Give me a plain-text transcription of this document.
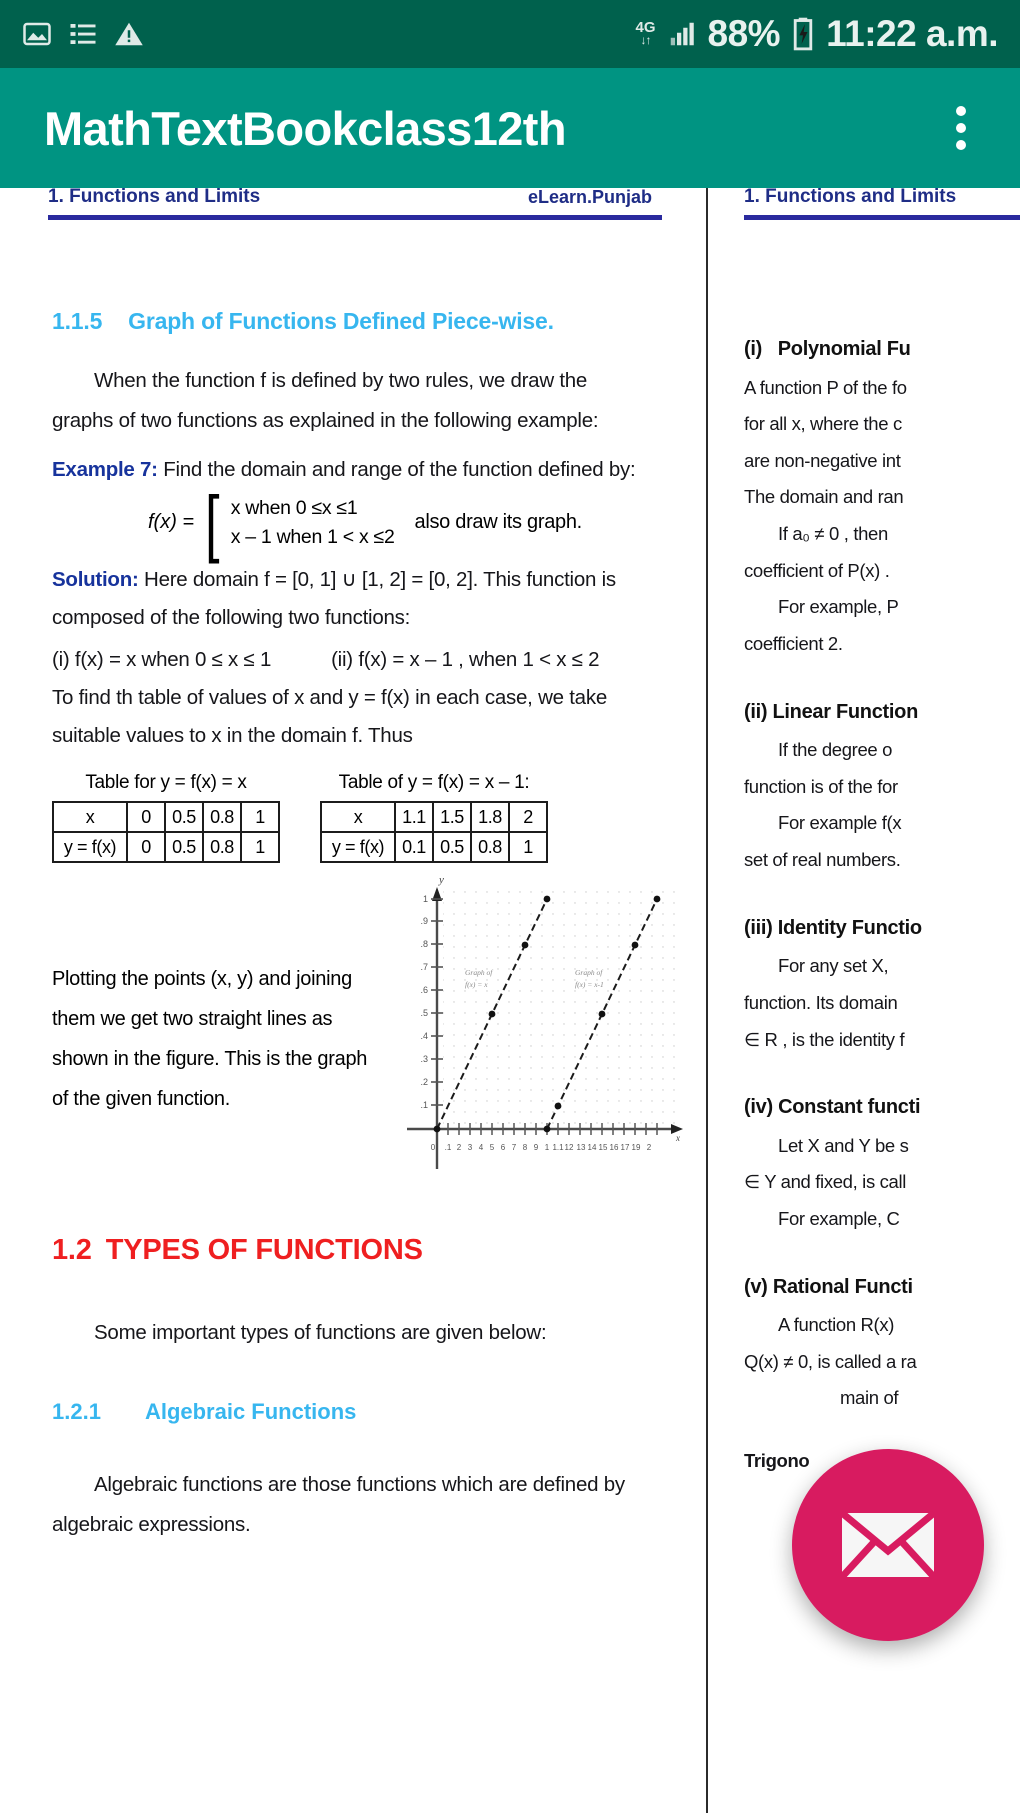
4G
↓↑ 88% 11:22 a.m.
MathTextBookclass12th
1. Functions and Limits	eLearn.Punjab
1.1.5 Graph of Functions Defined Piece-wise.

When the function f is defined by two rules, we draw the graphs of two functions as explained in the following example:

Example 7: Find the domain and range of the function defined by:

f(x) = [ x when 0 ≤x ≤1
x – 1 when 1 < x ≤2
also draw its graph.

Solution: Here domain f = [0, 1] ∪ [1, 2] = [0, 2]. This function is composed of the following two functions:

(i) f(x) = x when 0 ≤ x ≤ 1	(ii) f(x) = x – 1 , when 1 < x ≤ 2

To find th table of values of x and y = f(x) in each case, we take suitable values to x in the domain f. Thus

Table for y = f(x) = x
x	0	0.5	0.8	1
y = f(x)	0	0.5	0.8	1
Table of y = f(x) = x – 1:
x	1.1	1.5	1.8	2
y = f(x)	0.1	0.5	0.8	1

Plotting the points (x, y) and joining them we get two straight lines as shown in the figure. This is the graph of the given function.

y
x
.1
.2
.3
.4
.5
.6
.7
.8
.9
1
0 .1 2 3 4 5 6 7 8 9 1 1.1 12 13 14 15 16 17 19 2
Graph of
f(x) = x
Graph of
f(x) = x-1
1.2 TYPES OF FUNCTIONS

Some important types of functions are given below:

1.2.1 Algebraic Functions

Algebraic functions are those functions which are defined by algebraic expressions.

1. Functions and Limits

(i) Polynomial Fu

A function P of the fo

for all x, where the c

are non-negative int

The domain and ran

If a₀ ≠ 0 , then

coefficient of P(x) .

For example, P

coefficient 2.

(ii) Linear Function

If the degree o

function is of the for

For example f(x

set of real numbers.

(iii) Identity Functio

For any set X,

function. Its domain

∈ R , is the identity f

(iv) Constant functi

Let X and Y be s

∈ Y and fixed, is call

For example, C

(v) Rational Functi

A function R(x)

Q(x) ≠ 0, is called a ra

main of

Trigono
